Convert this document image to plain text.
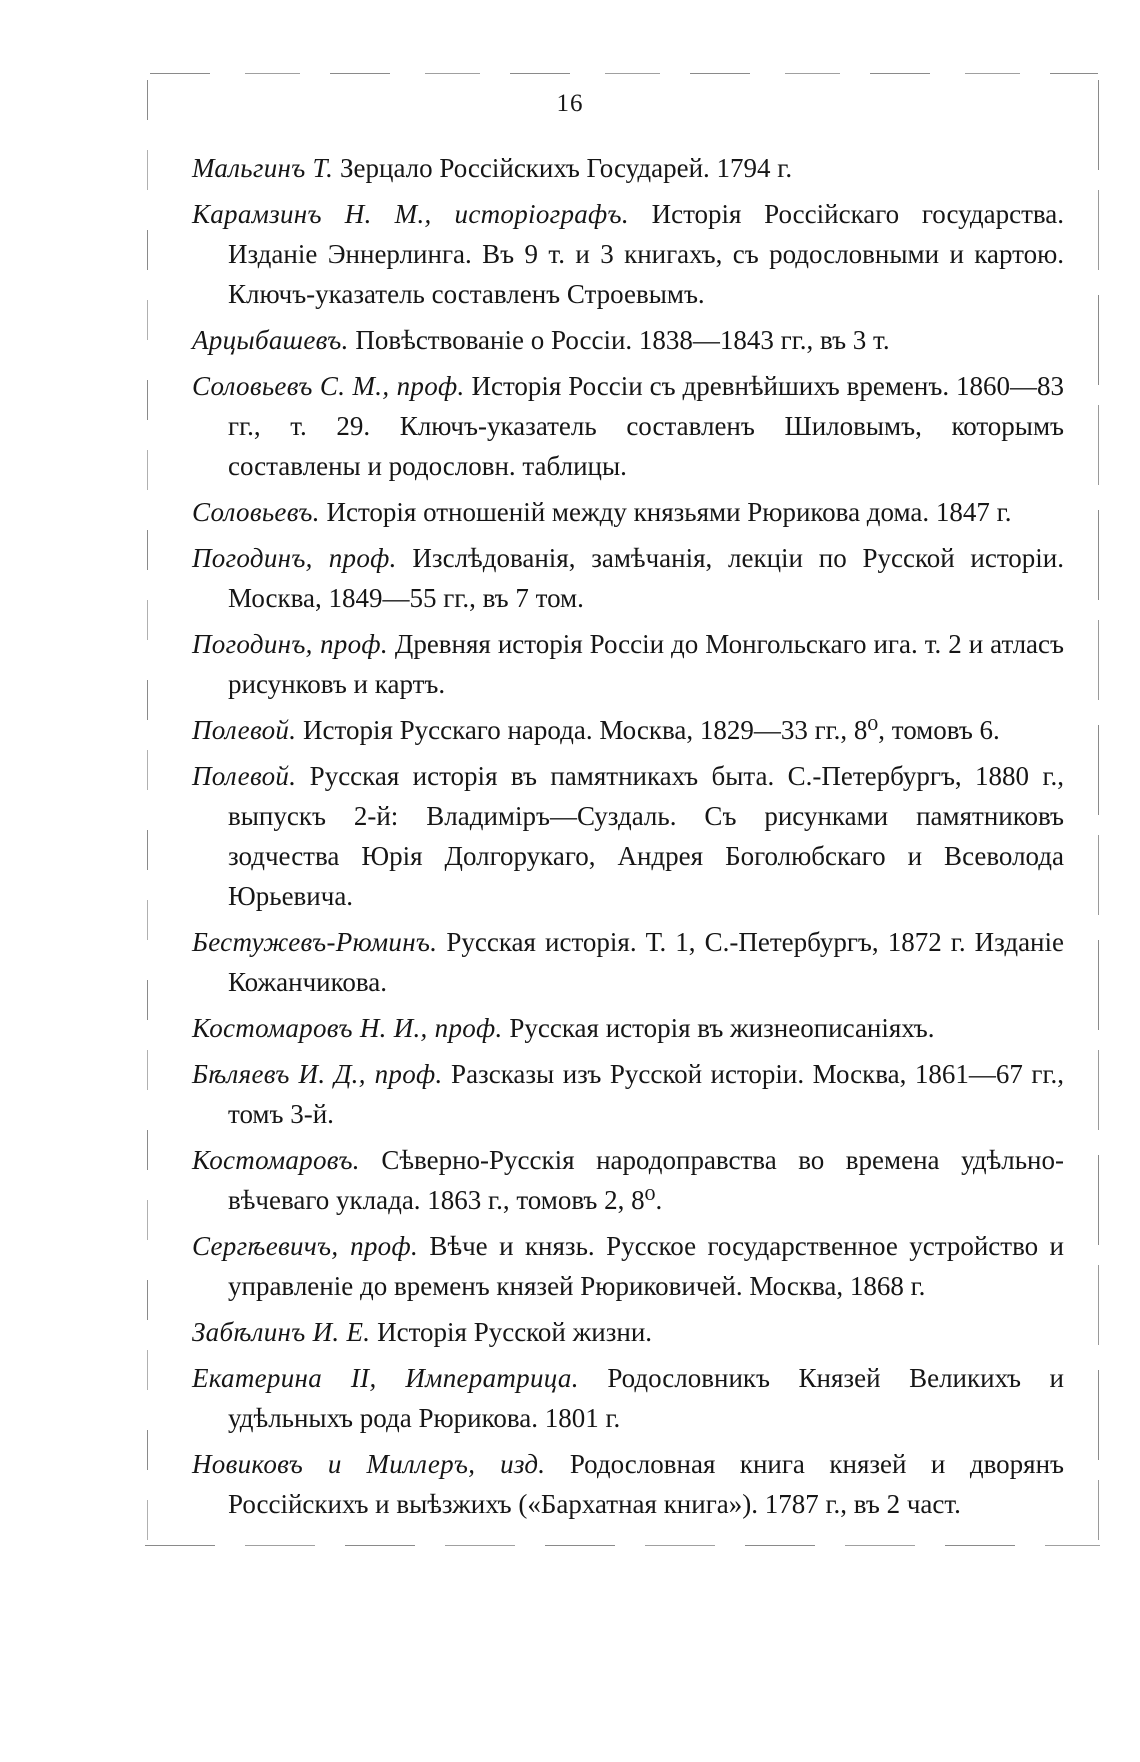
16
Мальгинъ Т. Зерцало Россійскихъ Государей. 1794 г.
Карамзинъ Н. М., исторіографъ. Исторія Россійскаго государства. Изданіе Эннерлинга. Въ 9 т. и 3 книгахъ, съ родословными и картою. Ключъ-указатель составленъ Строевымъ.
Арцыбашевъ. Повѣствованіе о Россіи. 1838—1843 гг., въ 3 т.
Соловьевъ С. М., проф. Исторія Россіи съ древнѣйшихъ временъ. 1860—83 гг., т. 29. Ключъ-указатель составленъ Шиловымъ, которымъ составлены и родословн. таблицы.
Соловьевъ. Исторія отношеній между князьями Рюрикова дома. 1847 г.
Погодинъ, проф. Изслѣдованія, замѣчанія, лекціи по Русской исторіи. Москва, 1849—55 гг., въ 7 том.
Погодинъ, проф. Древняя исторія Россіи до Монгольскаго ига. т. 2 и атласъ рисунковъ и картъ.
Полевой. Исторія Русскаго народа. Москва, 1829—33 гг., 8⁰, томовъ 6.
Полевой. Русская исторія въ памятникахъ быта. С.-Петербургъ, 1880 г., выпускъ 2-й: Владиміръ—Суздаль. Съ рисунками памятниковъ зодчества Юрія Долгорукаго, Андрея Боголюбскаго и Всеволода Юрьевича.
Бестужевъ-Рюминъ. Русская исторія. Т. 1, С.-Петербургъ, 1872 г. Изданіе Кожанчикова.
Костомаровъ Н. И., проф. Русская исторія въ жизнеописаніяхъ.
Бѣляевъ И. Д., проф. Разсказы изъ Русской исторіи. Москва, 1861—67 гг., томъ 3-й.
Костомаровъ. Сѣверно-Русскія народоправства во времена удѣльно-вѣчеваго уклада. 1863 г., томовъ 2, 8⁰.
Сергѣевичъ, проф. Вѣче и князь. Русское государственное устройство и управленіе до временъ князей Рюриковичей. Москва, 1868 г.
Забѣлинъ И. Е. Исторія Русской жизни.
Екатерина II, Императрица. Родословникъ Князей Великихъ и удѣльныхъ рода Рюрикова. 1801 г.
Новиковъ и Миллеръ, изд. Родословная книга князей и дворянъ Россійскихъ и выѣзжихъ («Бархатная книга»). 1787 г., въ 2 част.
